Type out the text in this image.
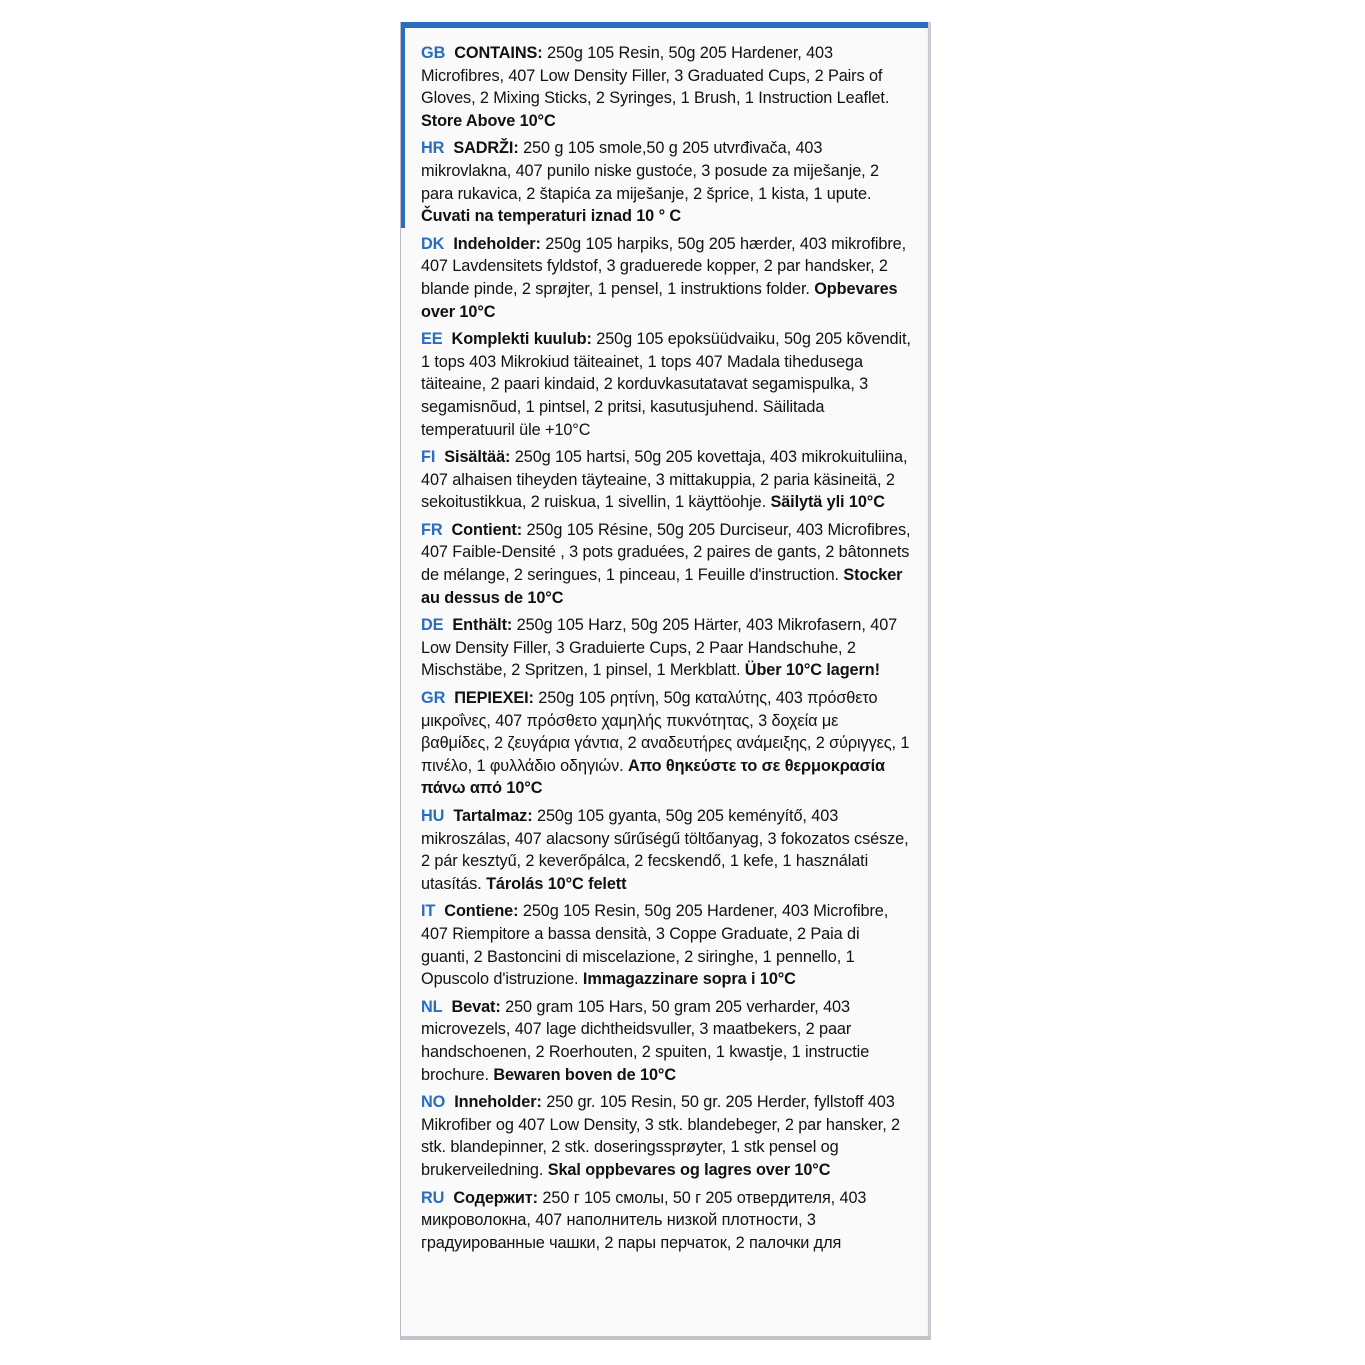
GB CONTAINS: 250g 105 Resin, 50g 205 Hardener, 403 Microfibres, 407 Low Density Filler, 3 Graduated Cups, 2 Pairs of Gloves, 2 Mixing Sticks, 2 Syringes, 1 Brush, 1 Instruction Leaflet. Store Above 10°C
HR SADRŽI: 250 g 105 smole,50 g 205 utvrđivača, 403 mikrovlakna, 407 punilo niske gustoće, 3 posude za miješanje, 2 para rukavica, 2 štapića za miješanje, 2 šprice, 1 kista, 1 upute. Čuvati na temperaturi iznad 10 ° C
DK Indeholder: 250g 105 harpiks, 50g 205 hærder, 403 mikrofibre, 407 Lavdensitets fyldstof, 3 graduerede kopper, 2 par handsker, 2 blande pinde, 2 sprøjter, 1 pensel, 1 instruktions folder. Opbevares over 10°C
EE Komplekti kuulub: 250g 105 epoksüüdvaiku, 50g 205 kõvendit, 1 tops 403 Mikrokiud täiteainet, 1 tops 407 Madala tihedusega täiteaine, 2 paari kindaid, 2 korduvkasutatavat segamispulka, 3 segamisnõud, 1 pintsel, 2 pritsi, kasutusjuhend. Säilitada temperatuuril üle +10°C
FI Sisältää: 250g 105 hartsi, 50g 205 kovettaja, 403 mikrokuituliina, 407 alhaisen tiheyden täyteaine, 3 mittakuppia, 2 paria käsineitä, 2 sekoitustikkua, 2 ruiskua, 1 sivellin, 1 käyttöohje. Säilytä yli 10°C
FR Contient: 250g 105 Résine, 50g 205 Durciseur, 403 Microfibres, 407 Faible-Densité , 3 pots graduées, 2 paires de gants, 2 bâtonnets de mélange, 2 seringues, 1 pinceau, 1 Feuille d'instruction. Stocker au dessus de 10°C
DE Enthält: 250g 105 Harz, 50g 205 Härter, 403 Mikrofasern, 407 Low Density Filler, 3 Graduierte Cups, 2 Paar Handschuhe, 2 Mischstäbe, 2 Spritzen, 1 pinsel, 1 Merkblatt. Über 10°C lagern!
GR ΠΕΡΙΕΧΕΙ: 250g 105 ρητίνη, 50g καταλύτης, 403 πρόσθετο μικροΐνες, 407 πρόσθετο χαμηλής πυκνότητας, 3 δοχεία με βαθμίδες, 2 ζευγάρια γάντια, 2 αναδευτήρες ανάμειξης, 2 σύριγγες, 1 πινέλο, 1 φυλλάδιο οδηγιών. Απο θηκεύστε το σε θερμοκρασία πάνω από 10°C
HU Tartalmaz: 250g 105 gyanta, 50g 205 keményítő, 403 mikroszálas, 407 alacsony sűrűségű töltőanyag, 3 fokozatos csésze, 2 pár kesztyű, 2 keverőpálca, 2 fecskendő, 1 kefe, 1 használati utasítás. Tárolás 10°C felett
IT Contiene: 250g 105 Resin, 50g 205 Hardener, 403 Microfibre, 407 Riempitore a bassa densità, 3 Coppe Graduate, 2 Paia di guanti, 2 Bastoncini di miscelazione, 2 siringhe, 1 pennello, 1 Opuscolo d'istruzione. Immagazzinare sopra i 10°C
NL Bevat: 250 gram 105 Hars, 50 gram 205 verharder, 403 microvezels, 407 lage dichtheidsvuller, 3 maatbekers, 2 paar handschoenen, 2 Roerhouten, 2 spuiten, 1 kwastje, 1 instructie brochure. Bewaren boven de 10°C
NO Inneholder: 250 gr. 105 Resin, 50 gr. 205 Herder, fyllstoff 403 Mikrofiber og 407 Low Density, 3 stk. blandebeger, 2 par hansker, 2 stk. blandepinner, 2 stk. doseringssprøyter, 1 stk pensel og brukerveiledning. Skal oppbevares og lagres over 10°C
RU Содержит: 250 г 105 смолы, 50 г 205 отвердителя, 403 микроволокна, 407 наполнитель низкой плотности, 3 градуированные чашки, 2 пары перчаток, 2 палочки для
